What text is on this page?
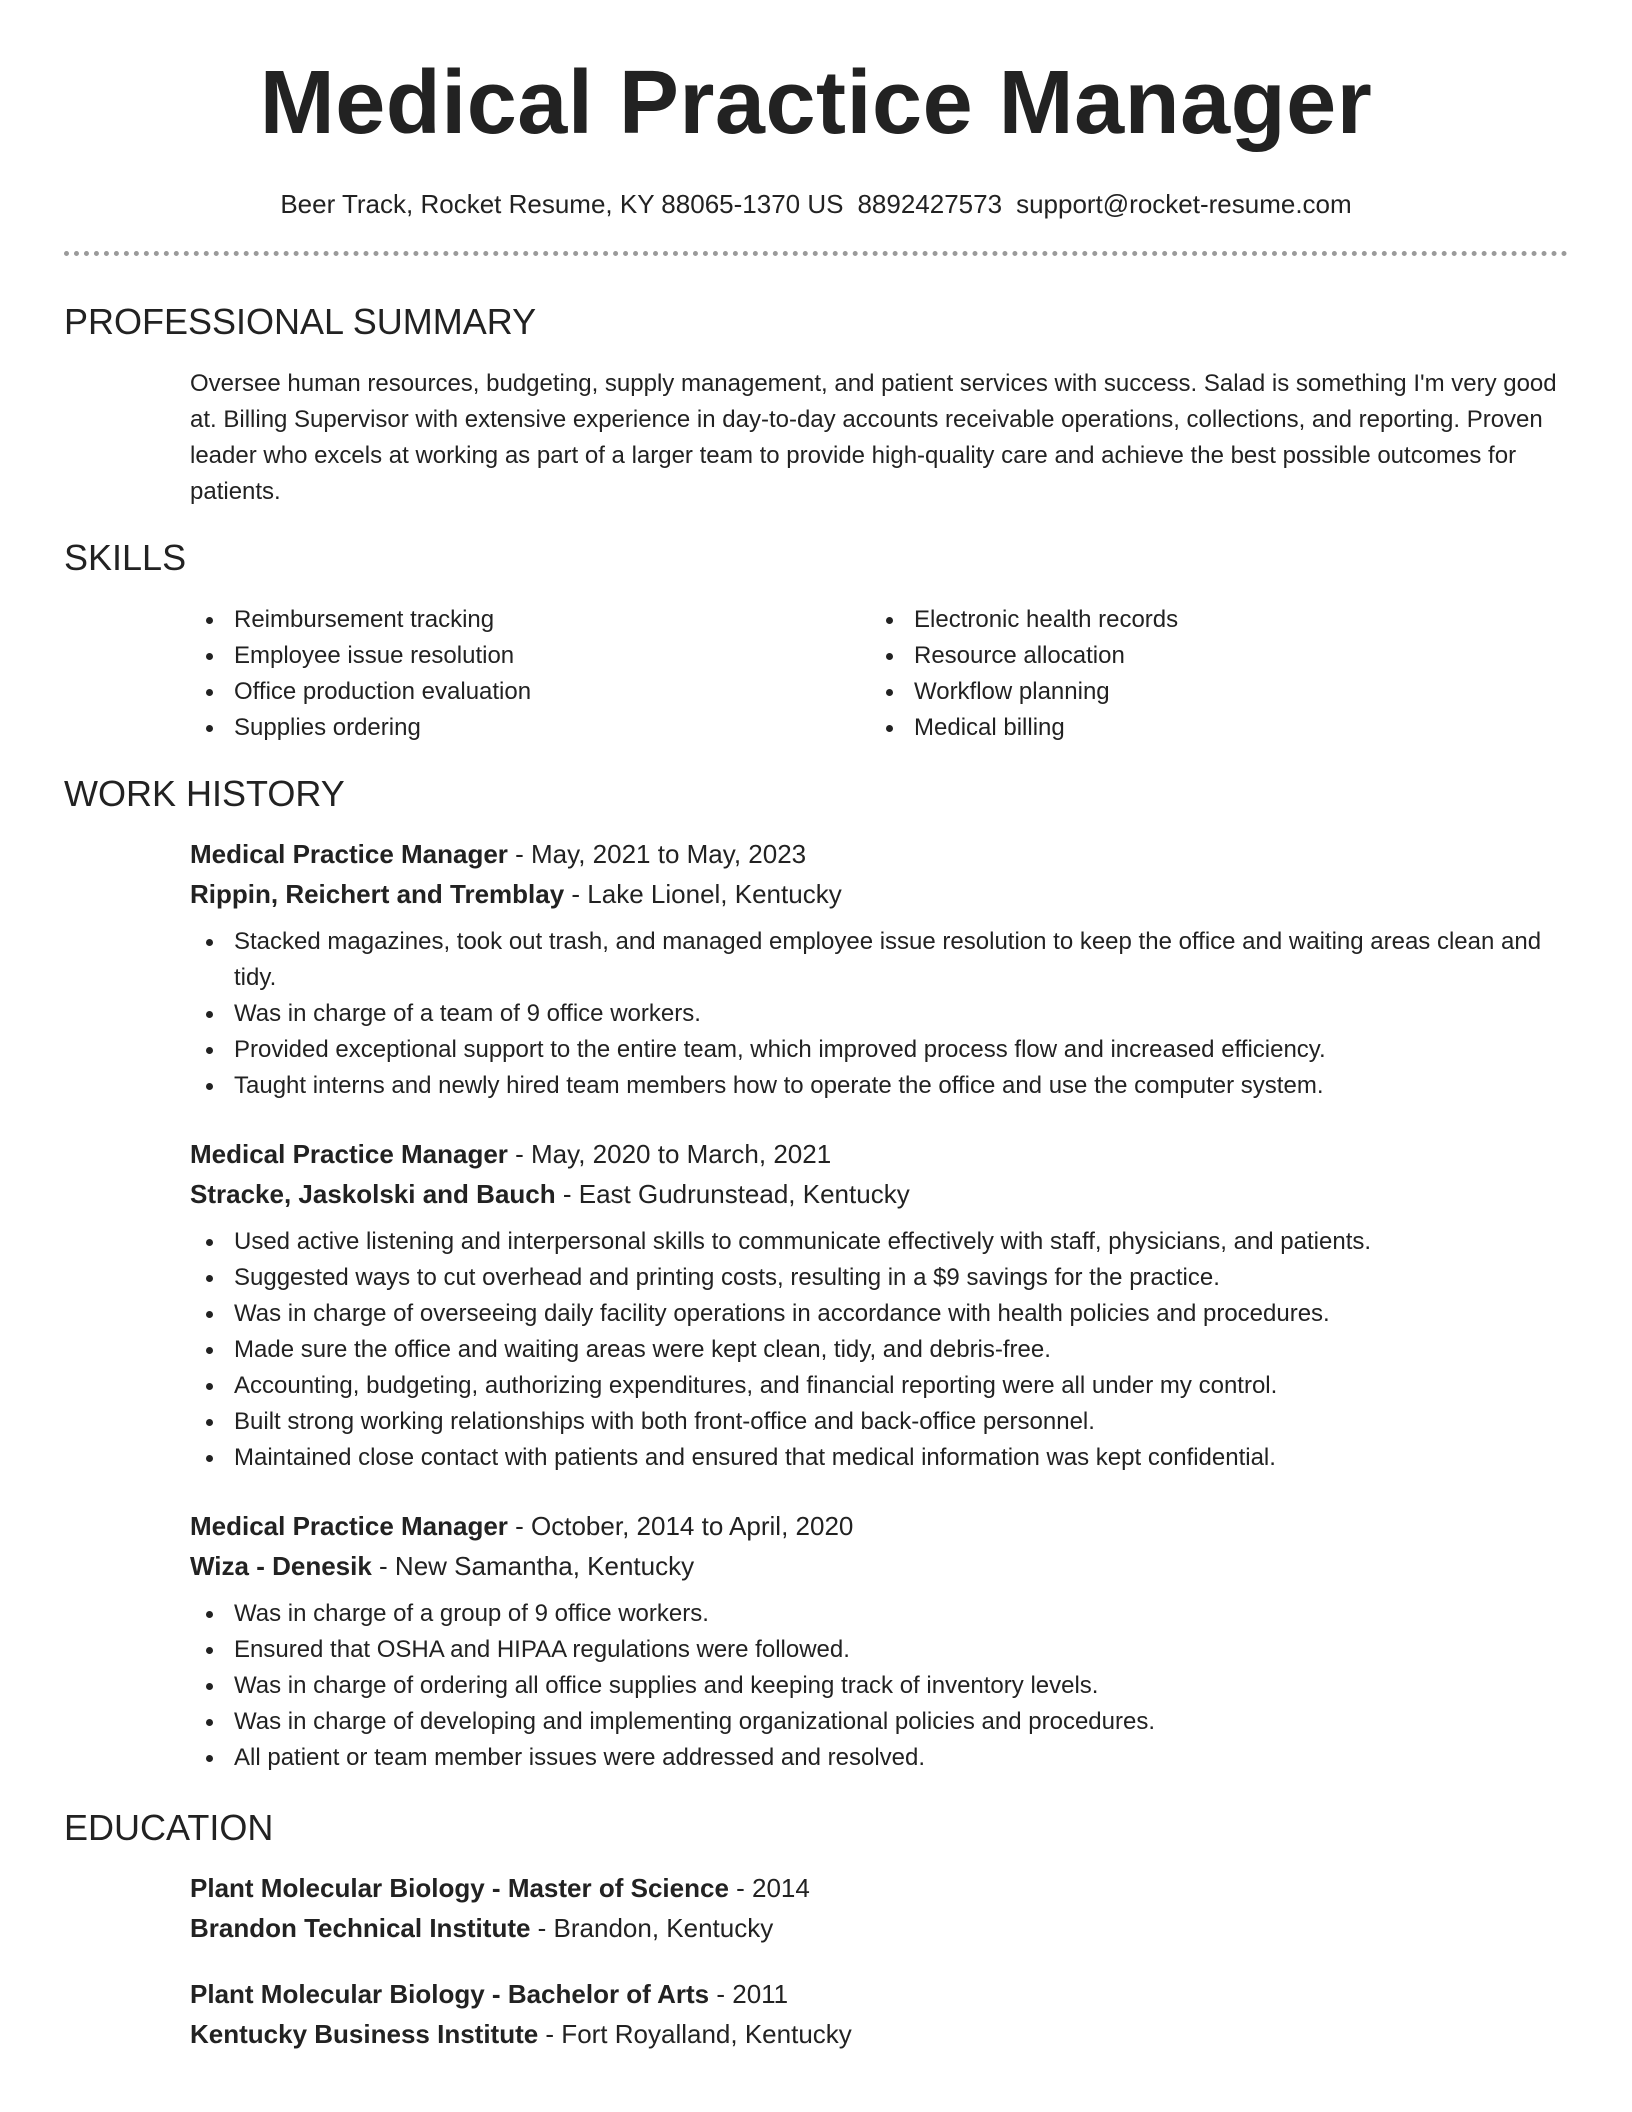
Medical Practice Manager
Beer Track, Rocket Resume, KY 88065-1370 US 8892427573 support@rocket-resume.com
PROFESSIONAL SUMMARY

Oversee human resources, budgeting, supply management, and patient services with success. Salad is something I'm very good at. Billing Supervisor with extensive experience in day-to-day accounts receivable operations, collections, and reporting. Proven leader who excels at working as part of a larger team to provide high-quality care and achieve the best possible outcomes for patients.

SKILLS
Reimbursement tracking
Employee issue resolution
Office production evaluation
Supplies ordering
Electronic health records
Resource allocation
Workflow planning
Medical billing
WORK HISTORY
Medical Practice Manager - May, 2021 to May, 2023
Rippin, Reichert and Tremblay - Lake Lionel, Kentucky
Stacked magazines, took out trash, and managed employee issue resolution to keep the office and waiting areas clean and tidy.
Was in charge of a team of 9 office workers.
Provided exceptional support to the entire team, which improved process flow and increased efficiency.
Taught interns and newly hired team members how to operate the office and use the computer system.
Medical Practice Manager - May, 2020 to March, 2021
Stracke, Jaskolski and Bauch - East Gudrunstead, Kentucky
Used active listening and interpersonal skills to communicate effectively with staff, physicians, and patients.
Suggested ways to cut overhead and printing costs, resulting in a $9 savings for the practice.
Was in charge of overseeing daily facility operations in accordance with health policies and procedures.
Made sure the office and waiting areas were kept clean, tidy, and debris-free.
Accounting, budgeting, authorizing expenditures, and financial reporting were all under my control.
Built strong working relationships with both front-office and back-office personnel.
Maintained close contact with patients and ensured that medical information was kept confidential.
Medical Practice Manager - October, 2014 to April, 2020
Wiza - Denesik - New Samantha, Kentucky
Was in charge of a group of 9 office workers.
Ensured that OSHA and HIPAA regulations were followed.
Was in charge of ordering all office supplies and keeping track of inventory levels.
Was in charge of developing and implementing organizational policies and procedures.
All patient or team member issues were addressed and resolved.
EDUCATION
Plant Molecular Biology - Master of Science - 2014
Brandon Technical Institute - Brandon, Kentucky
Plant Molecular Biology - Bachelor of Arts - 2011
Kentucky Business Institute - Fort Royalland, Kentucky
